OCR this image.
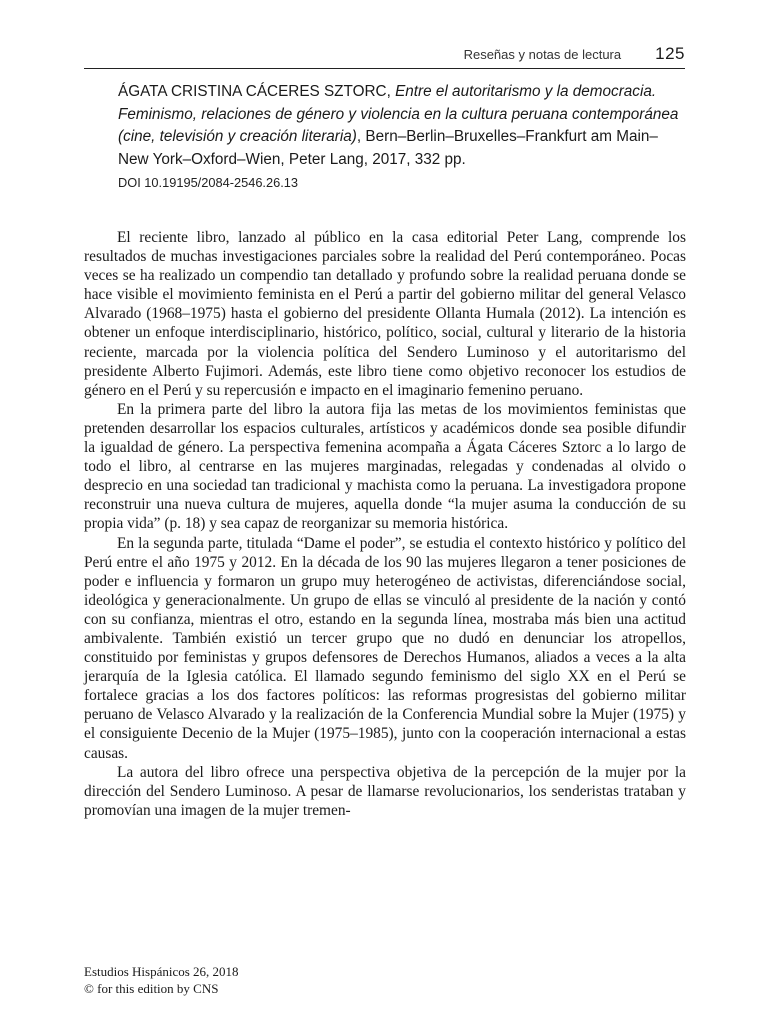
Reseñas y notas de lectura 125
ÁGATA CRISTINA CÁCERES SZTORC, Entre el autoritarismo y la democracia. Feminismo, relaciones de género y violencia en la cultura peruana contemporánea (cine, televisión y creación literaria), Bern–Berlin–Bruxelles–Frankfurt am Main–New York–Oxford–Wien, Peter Lang, 2017, 332 pp.
DOI 10.19195/2084-2546.26.13

El reciente libro, lanzado al público en la casa editorial Peter Lang, comprende los resultados de muchas investigaciones parciales sobre la realidad del Perú contemporáneo. Pocas veces se ha realizado un compendio tan detallado y profundo sobre la realidad peruana donde se hace visible el movimiento feminista en el Perú a partir del gobierno militar del general Velasco Alvarado (1968–1975) hasta el gobierno del presidente Ollanta Humala (2012). La intención es obtener un enfoque interdisciplinario, histórico, político, social, cultural y literario de la historia reciente, marcada por la violencia política del Sendero Luminoso y el autoritarismo del presidente Alberto Fujimori. Además, este libro tiene como objetivo reconocer los estudios de género en el Perú y su repercusión e impacto en el imaginario femenino peruano.

En la primera parte del libro la autora fija las metas de los movimientos feministas que pretenden desarrollar los espacios culturales, artísticos y académicos donde sea posible difundir la igualdad de género. La perspectiva femenina acompaña a Ágata Cáceres Sztorc a lo largo de todo el libro, al centrarse en las mujeres marginadas, relegadas y condenadas al olvido o desprecio en una sociedad tan tradicional y machista como la peruana. La investigadora propone reconstruir una nueva cultura de mujeres, aquella donde “la mujer asuma la conducción de su propia vida” (p. 18) y sea capaz de reorganizar su memoria histórica.

En la segunda parte, titulada “Dame el poder”, se estudia el contexto histórico y político del Perú entre el año 1975 y 2012. En la década de los 90 las mujeres llegaron a tener posiciones de poder e influencia y formaron un grupo muy heterogéneo de activistas, diferenciándose social, ideológica y generacionalmente. Un grupo de ellas se vinculó al presidente de la nación y contó con su confianza, mientras el otro, estando en la segunda línea, mostraba más bien una actitud ambivalente. También existió un tercer grupo que no dudó en denunciar los atropellos, constituido por feministas y grupos defensores de Derechos Humanos, aliados a veces a la alta jerarquía de la Iglesia católica. El llamado segundo feminismo del siglo XX en el Perú se fortalece gracias a los dos factores políticos: las reformas progresistas del gobierno militar peruano de Velasco Alvarado y la realización de la Conferencia Mundial sobre la Mujer (1975) y el consiguiente Decenio de la Mujer (1975–1985), junto con la cooperación internacional a estas causas.

La autora del libro ofrece una perspectiva objetiva de la percepción de la mujer por la dirección del Sendero Luminoso. A pesar de llamarse revolucionarios, los senderistas trataban y promovían una imagen de la mujer tremen-

Estudios Hispánicos 26, 2018
© for this edition by CNS
